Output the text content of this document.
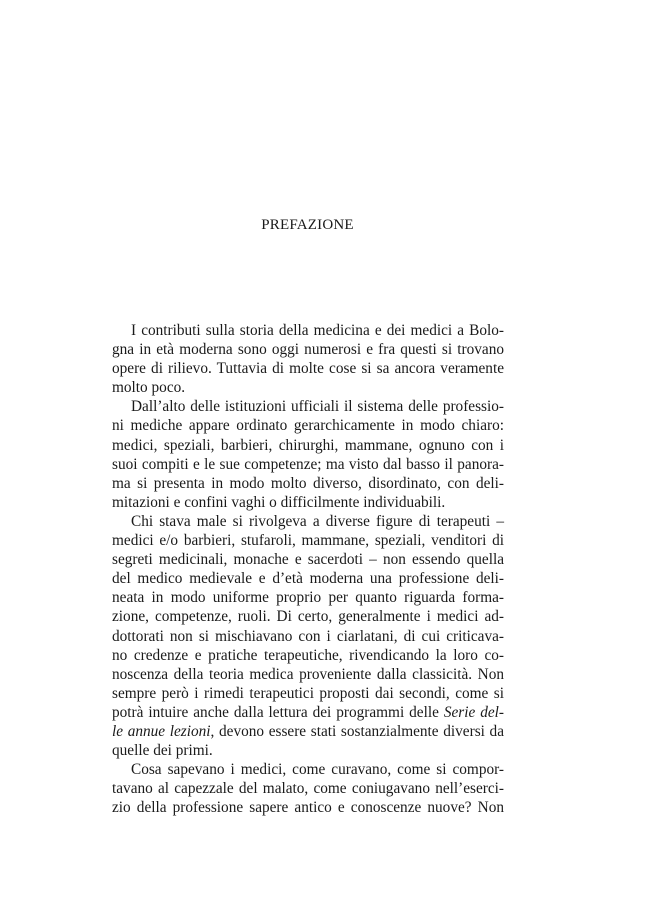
PREFAZIONE
I contributi sulla storia della medicina e dei medici a Bolo-
gna in età moderna sono oggi numerosi e fra questi si trovano
opere di rilievo. Tuttavia di molte cose si sa ancora veramente
molto poco.
Dall’alto delle istituzioni ufficiali il sistema delle professio-
ni mediche appare ordinato gerarchicamente in modo chiaro:
medici, speziali, barbieri, chirurghi, mammane, ognuno con i
suoi compiti e le sue competenze; ma visto dal basso il panora-
ma si presenta in modo molto diverso, disordinato, con deli-
mitazioni e confini vaghi o difficilmente individuabili.
Chi stava male si rivolgeva a diverse figure di terapeuti –
medici e/o barbieri, stufaroli, mammane, speziali, venditori di
segreti medicinali, monache e sacerdoti – non essendo quella
del medico medievale e d’età moderna una professione deli-
neata in modo uniforme proprio per quanto riguarda forma-
zione, competenze, ruoli. Di certo, generalmente i medici ad-
dottorati non si mischiavano con i ciarlatani, di cui criticava-
no credenze e pratiche terapeutiche, rivendicando la loro co-
noscenza della teoria medica proveniente dalla classicità. Non
sempre però i rimedi terapeutici proposti dai secondi, come si
potrà intuire anche dalla lettura dei programmi delle Serie del-
le annue lezioni, devono essere stati sostanzialmente diversi da
quelle dei primi.
Cosa sapevano i medici, come curavano, come si compor-
tavano al capezzale del malato, come coniugavano nell’eserci-
zio della professione sapere antico e conoscenze nuove? Non
